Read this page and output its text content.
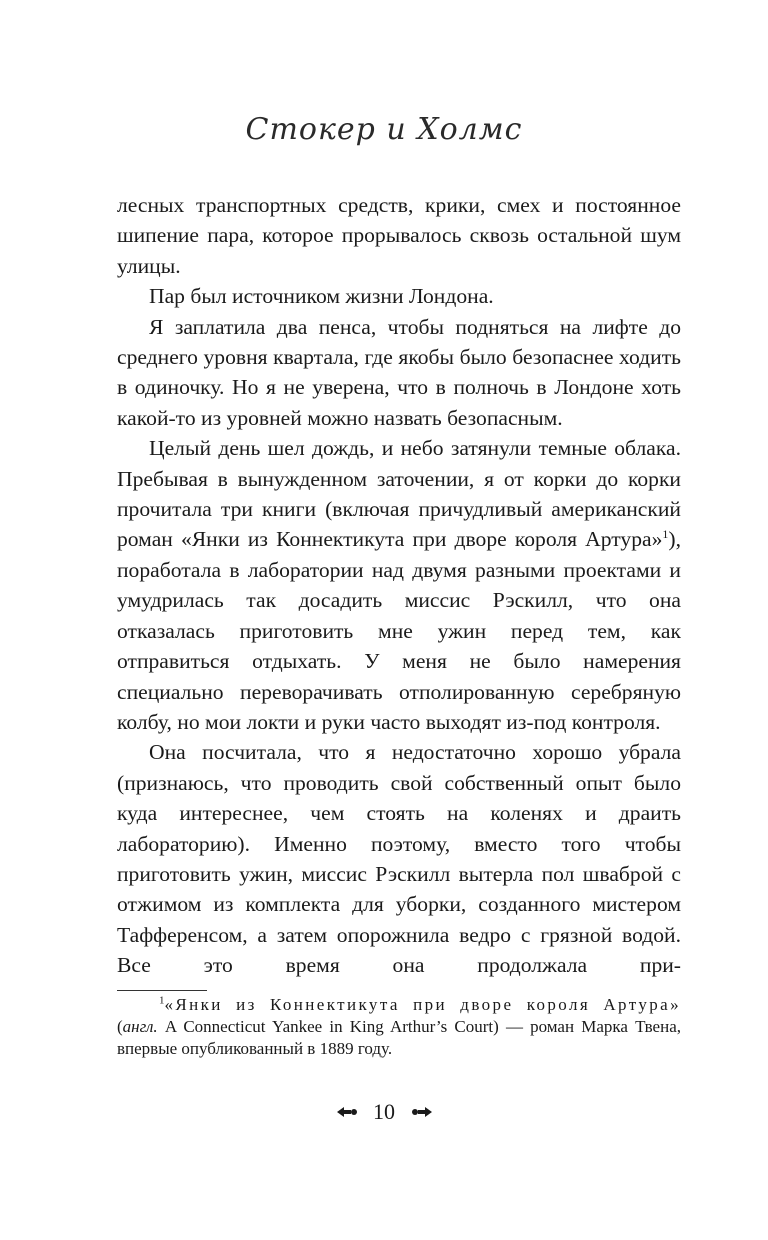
Стокер и Холмс

лесных транспортных средств, крики, смех и постоянное шипение пара, которое прорывалось сквозь остальной шум улицы.

Пар был источником жизни Лондона.

Я заплатила два пенса, чтобы подняться на лифте до среднего уровня квартала, где якобы было безопаснее ходить в одиночку. Но я не уверена, что в полночь в Лондоне хоть какой-то из уровней можно назвать безопасным.

Целый день шел дождь, и небо затянули темные облака. Пребывая в вынужденном заточении, я от корки до корки прочитала три книги (включая причудливый американский роман «Янки из Коннектикута при дворе короля Артура»$^1$), поработала в лаборатории над двумя разными проектами и умудрилась так досадить миссис Рэскилл, что она отказалась приготовить мне ужин перед тем, как отправиться отдыхать. У меня не было намерения специально переворачивать отполированную серебряную колбу, но мои локти и руки часто выходят из-под контроля.

Она посчитала, что я недостаточно хорошо убрала (признаюсь, что проводить свой собственный опыт было куда интереснее, чем стоять на коленях и драить лабораторию). Именно поэтому, вместо того чтобы приготовить ужин, миссис Рэскилл вытерла пол шваброй с отжимом из комплекта для уборки, созданного мистером Тафференсом, а затем опорожнила ведро с грязной водой. Все это время она продолжала при-

$^1$«Янки из Коннектикута при дворе короля Артура» (англ. A Connecticut Yankee in King Arthur’s Court) — роман Марка Твена, впервые опубликованный в 1889 году.

10
